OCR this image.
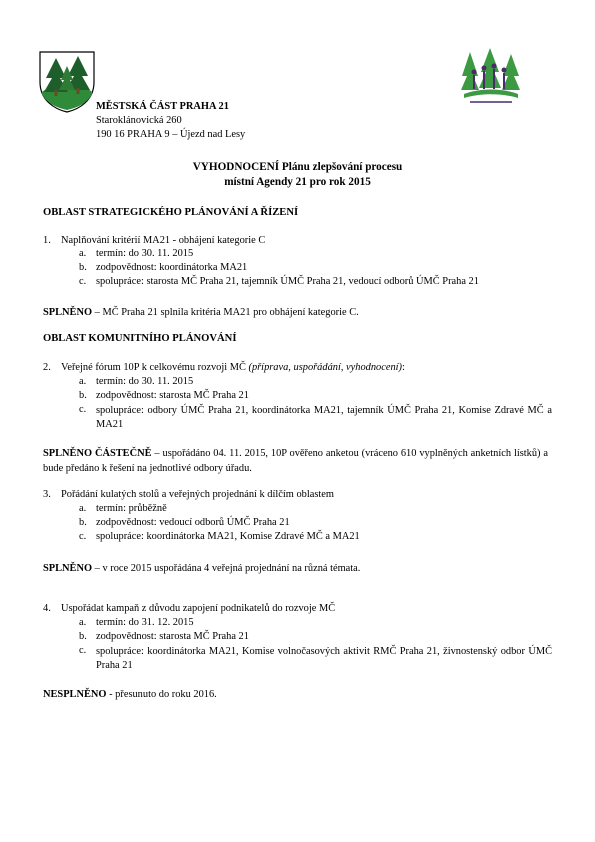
MĚSTSKÁ ČÁST PRAHA 21
Staroklánovická 260
190 16 PRAHA 9 – Újezd nad Lesy
VYHODNOCENÍ Plánu zlepšování procesu
místní Agendy 21 pro rok 2015
OBLAST STRATEGICKÉHO PLÁNOVÁNÍ A ŘÍZENÍ
1. Naplňování kritérií MA21 - obhájení kategorie C
a. termín: do 30. 11. 2015
b. zodpovědnost: koordinátorka MA21
c. spolupráce: starosta MČ Praha 21, tajemník ÚMČ Praha 21, vedoucí odborů ÚMČ Praha 21
SPLNĚNO – MČ Praha 21 splnila kritéria MA21 pro obhájení kategorie C.
OBLAST KOMUNITNÍHO PLÁNOVÁNÍ
2. Veřejné fórum 10P k celkovému rozvoji MČ (příprava, uspořádání, vyhodnocení):
a. termín: do 30. 11. 2015
b. zodpovědnost: starosta MČ Praha 21
c. spolupráce: odbory ÚMČ Praha 21, koordinátorka MA21, tajemník ÚMČ Praha 21, Komise Zdravé MČ a MA21
SPLNĚNO ČÁSTEČNĚ – uspořádáno 04. 11. 2015, 10P ověřeno anketou (vráceno 610 vyplněných anketních lístků) a bude předáno k řešení na jednotlivé odbory úřadu.
3. Pořádání kulatých stolů a veřejných projednání k dílčím oblastem
a. termín: průběžně
b. zodpovědnost: vedoucí odborů ÚMČ Praha 21
c. spolupráce: koordinátorka MA21, Komise Zdravé MČ a MA21
SPLNĚNO – v roce 2015 uspořádána 4 veřejná projednání na různá témata.
4. Uspořádat kampaň z důvodu zapojení podnikatelů do rozvoje MČ
a. termín: do 31. 12. 2015
b. zodpovědnost: starosta MČ Praha 21
c. spolupráce: koordinátorka MA21, Komise volnočasových aktivit RMČ Praha 21, živnostenský odbor ÚMČ Praha 21
NESPLNĚNO - přesunuto do roku 2016.
